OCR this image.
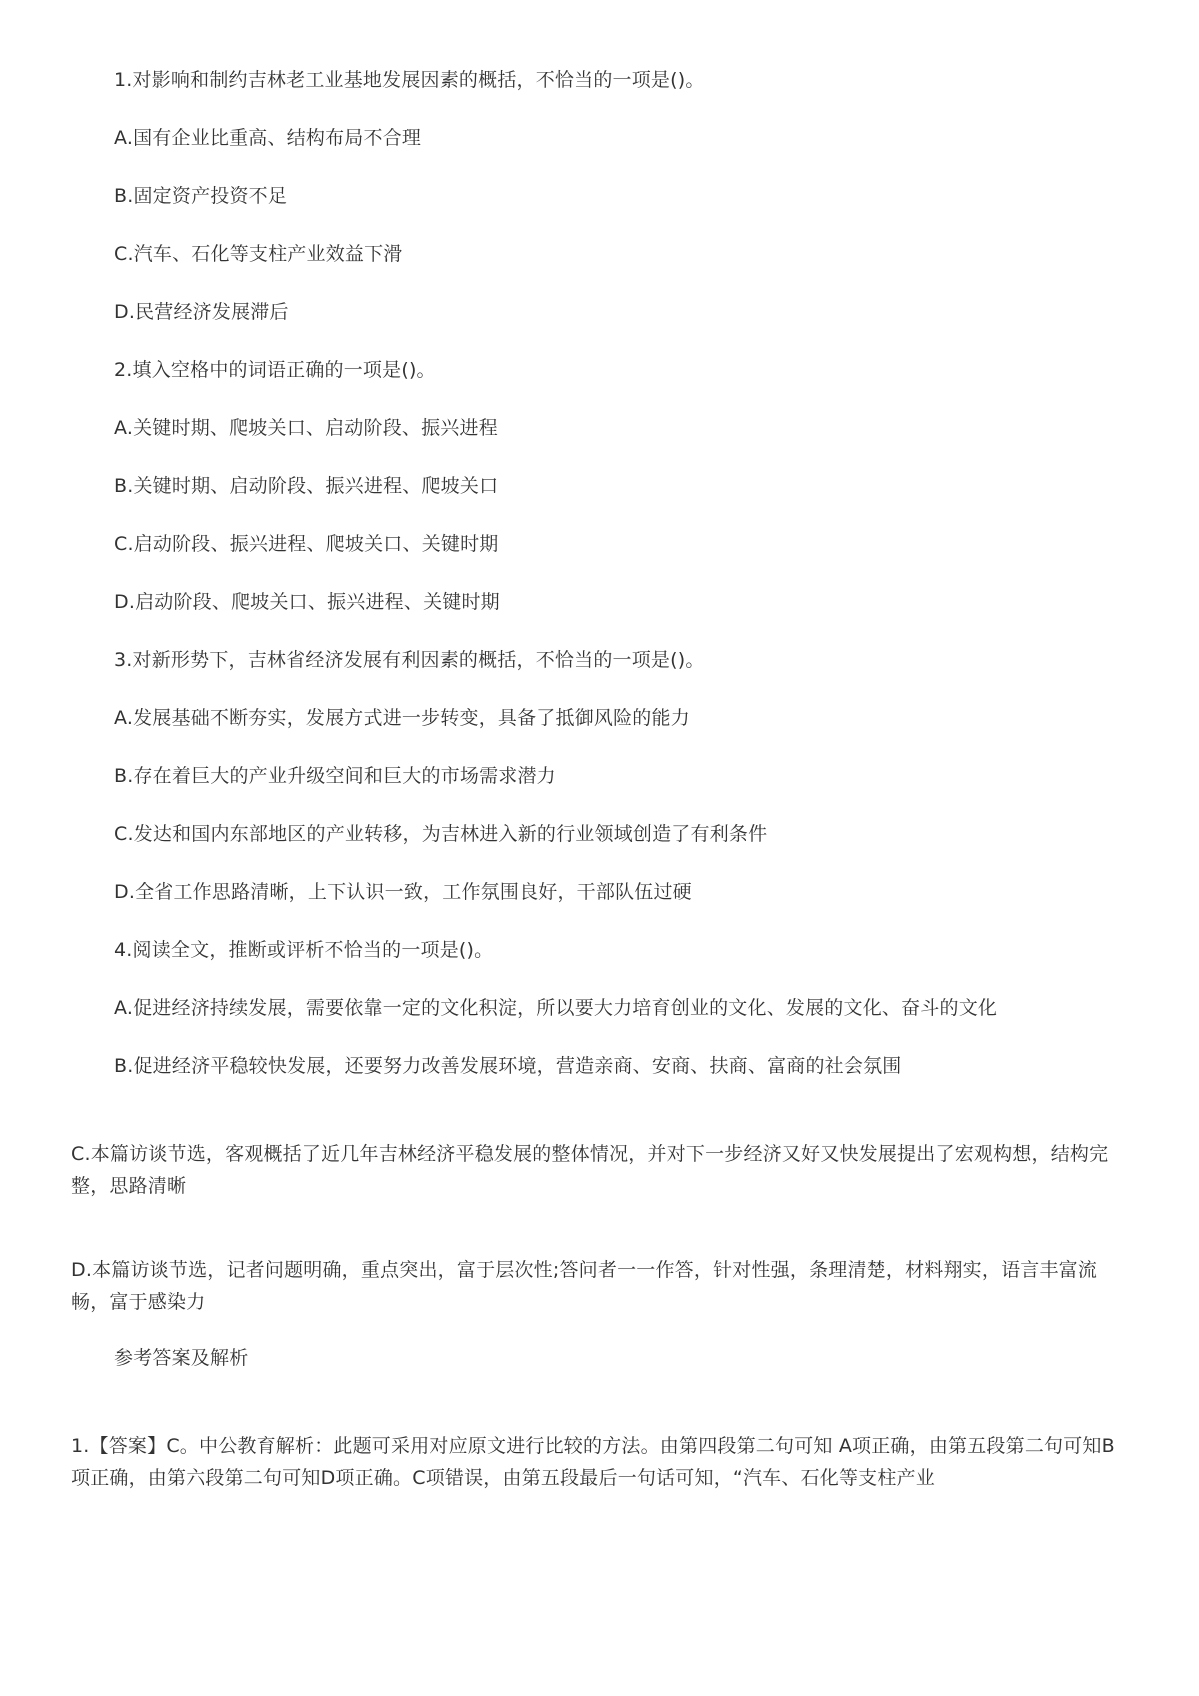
1.对影响和制约吉林老工业基地发展因素的概括，不恰当的一项是()。
A.国有企业比重高、结构布局不合理
B.固定资产投资不足
C.汽车、石化等支柱产业效益下滑
D.民营经济发展滞后
2.填入空格中的词语正确的一项是()。
A.关键时期、爬坡关口、启动阶段、振兴进程
B.关键时期、启动阶段、振兴进程、爬坡关口
C.启动阶段、振兴进程、爬坡关口、关键时期
D.启动阶段、爬坡关口、振兴进程、关键时期
3.对新形势下，吉林省经济发展有利因素的概括，不恰当的一项是()。
A.发展基础不断夯实，发展方式进一步转变，具备了抵御风险的能力
B.存在着巨大的产业升级空间和巨大的市场需求潜力
C.发达和国内东部地区的产业转移，为吉林进入新的行业领域创造了有利条件
D.全省工作思路清晰，上下认识一致，工作氛围良好，干部队伍过硬
4.阅读全文，推断或评析不恰当的一项是()。
A.促进经济持续发展，需要依靠一定的文化积淀，所以要大力培育创业的文化、发展的文化、奋斗的文化
B.促进经济平稳较快发展，还要努力改善发展环境，营造亲商、安商、扶商、富商的社会氛围
C.本篇访谈节选，客观概括了近几年吉林经济平稳发展的整体情况，并对下一步经济又好又快发展提出了宏观构想，结构完整，思路清晰
D.本篇访谈节选，记者问题明确，重点突出，富于层次性;答问者一一作答，针对性强，条理清楚，材料翔实，语言丰富流畅，富于感染力
参考答案及解析
1.【答案】C。中公教育解析：此题可采用对应原文进行比较的方法。由第四段第二句可知 A项正确，由第五段第二句可知B项正确，由第六段第二句可知D项正确。C项错误，由第五段最后一句话可知，“汽车、石化等支柱产业
